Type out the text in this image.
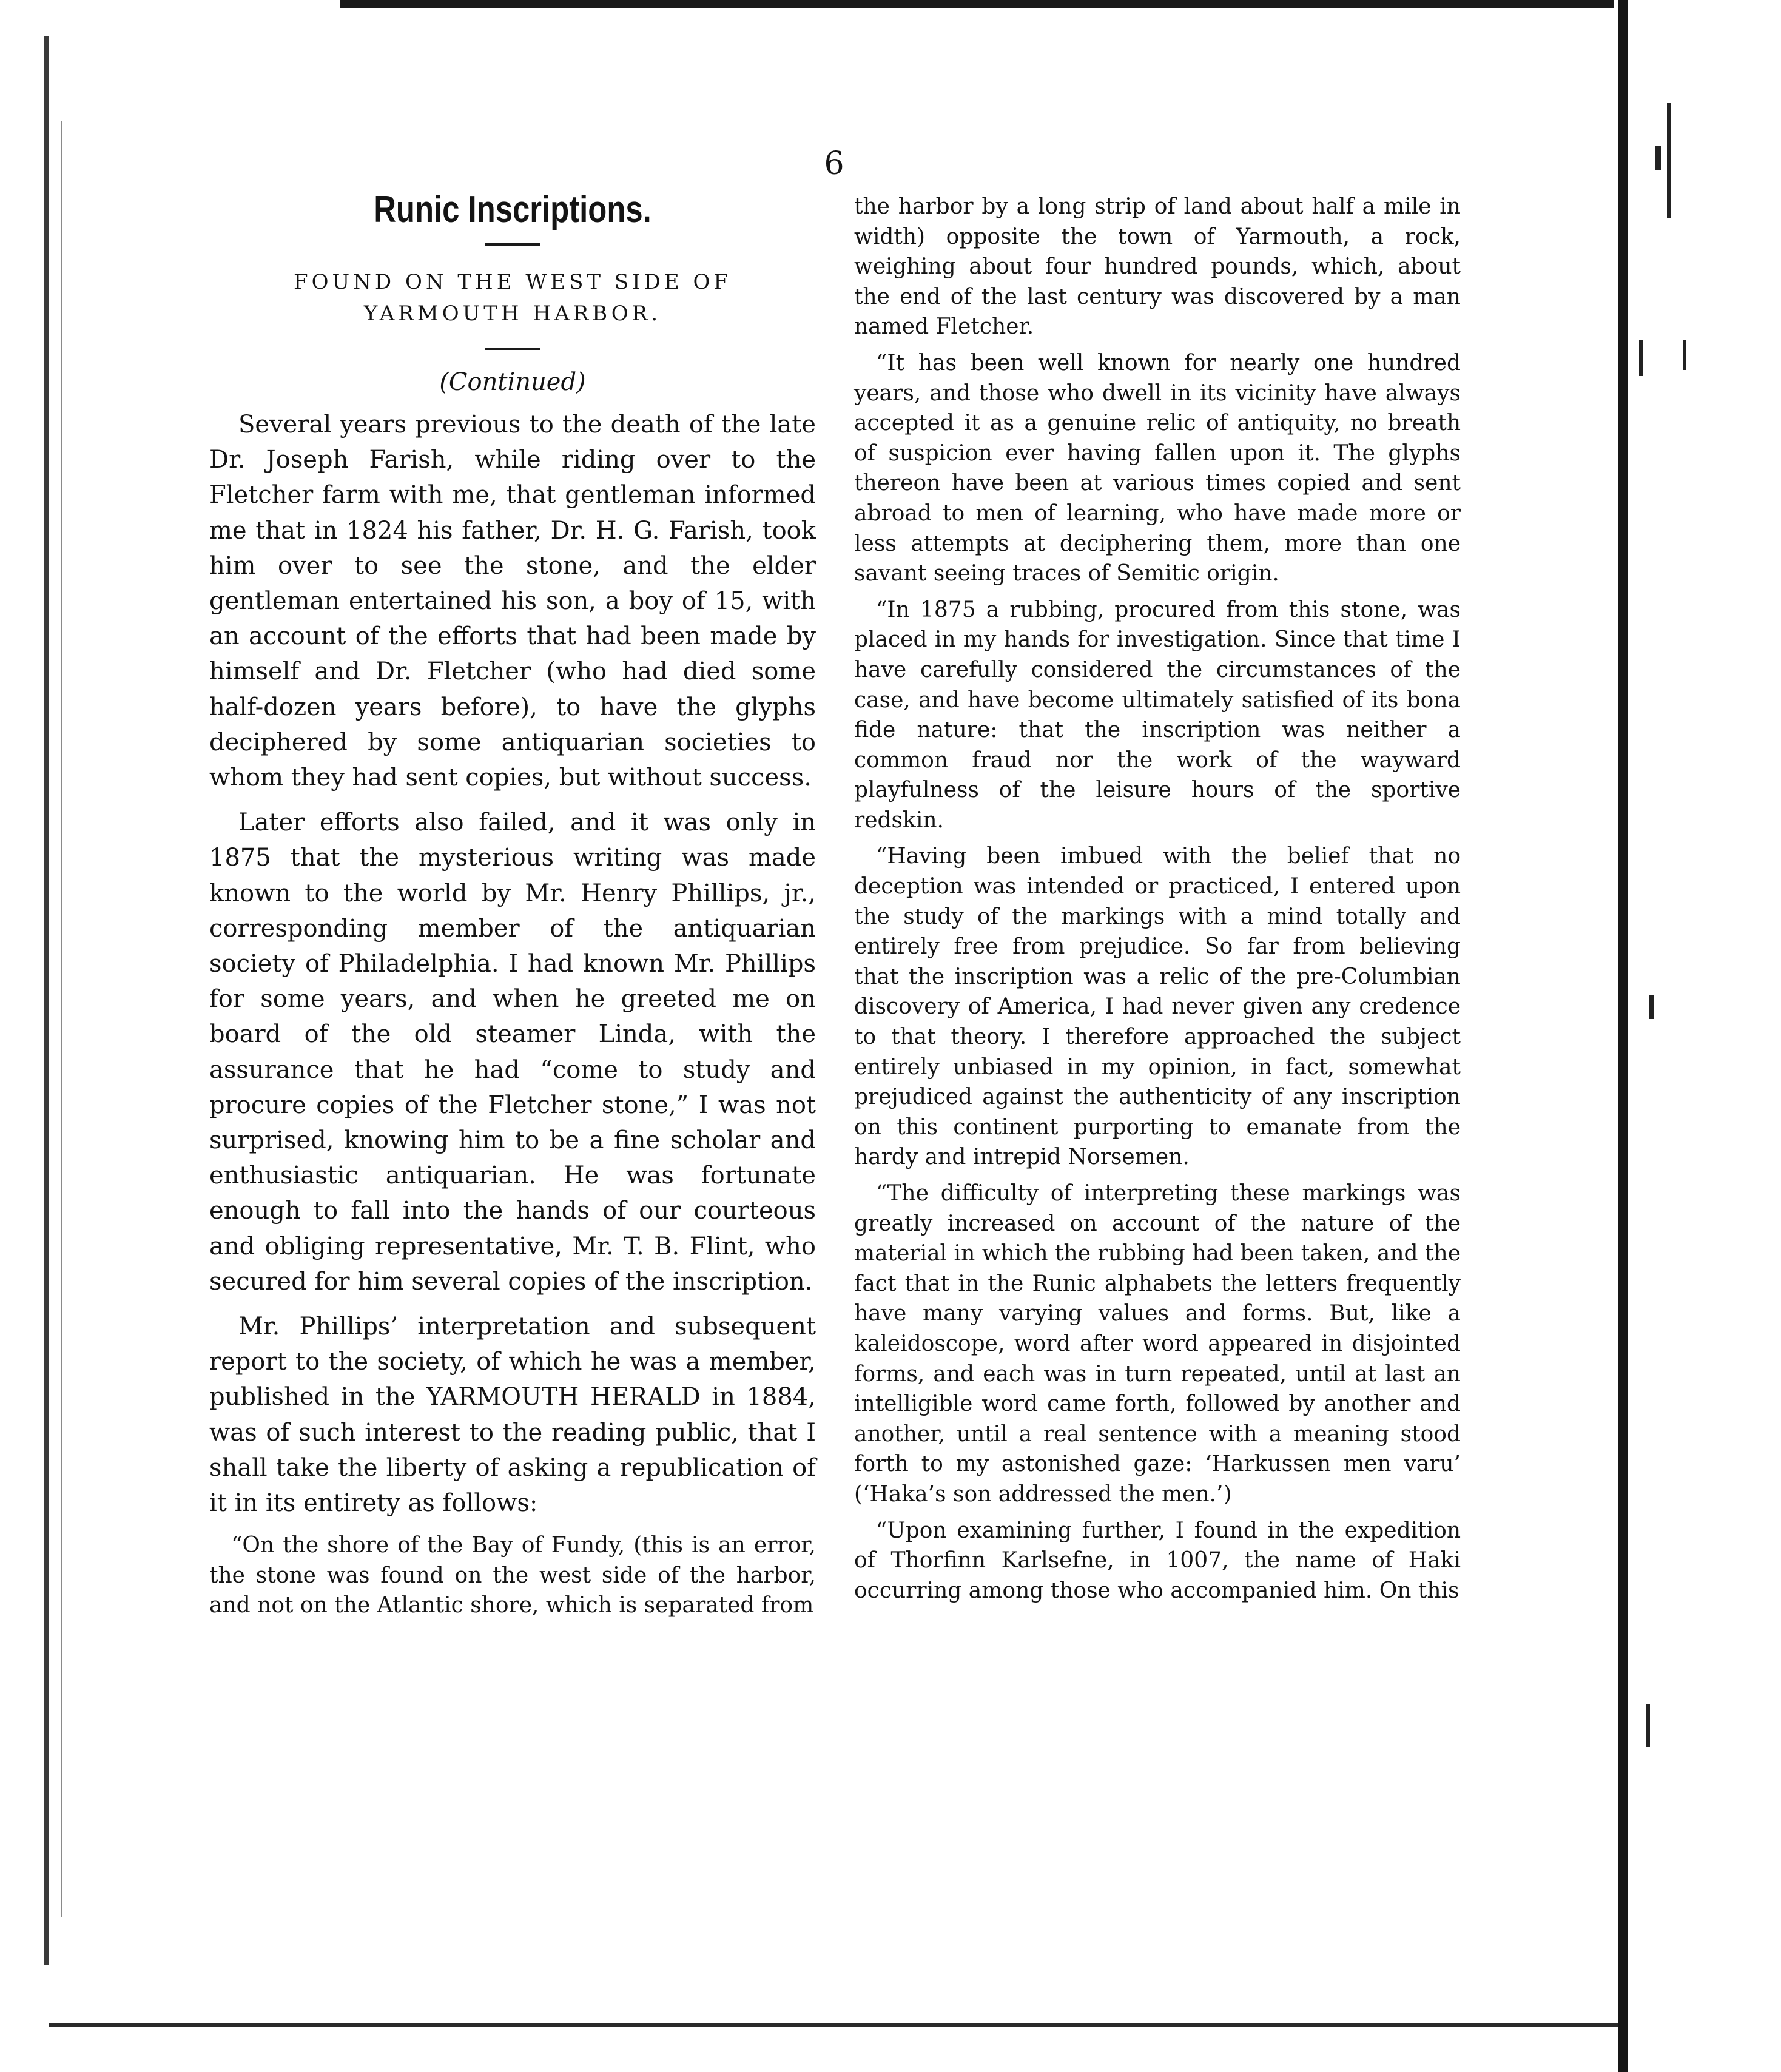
6
Runic Inscriptions.
FOUND ON THE WEST SIDE OF YARMOUTH HARBOR.
(Continued)

Several years previous to the death of the late Dr. Joseph Farish, while riding over to the Fletcher farm with me, that gentleman informed me that in 1824 his father, Dr. H. G. Farish, took him over to see the stone, and the elder gentleman entertained his son, a boy of 15, with an account of the efforts that had been made by himself and Dr. Fletcher (who had died some half-dozen years before), to have the glyphs deciphered by some antiquarian societies to whom they had sent copies, but without success.

Later efforts also failed, and it was only in 1875 that the mysterious writing was made known to the world by Mr. Henry Phillips, jr., corresponding member of the antiquarian society of Philadelphia. I had known Mr. Phillips for some years, and when he greeted me on board of the old steamer Linda, with the assurance that he had “come to study and procure copies of the Fletcher stone,” I was not surprised, knowing him to be a fine scholar and enthusiastic antiquarian. He was fortunate enough to fall into the hands of our courteous and obliging representative, Mr. T. B. Flint, who secured for him several copies of the inscription.

Mr. Phillips’ interpretation and subsequent report to the society, of which he was a member, published in the YARMOUTH HERALD in 1884, was of such interest to the reading public, that I shall take the liberty of asking a republication of it in its entirety as follows:

“On the shore of the Bay of Fundy, (this is an error, the stone was found on the west side of the harbor, and not on the Atlantic shore, which is separated from

the harbor by a long strip of land about half a mile in width) opposite the town of Yarmouth, a rock, weighing about four hundred pounds, which, about the end of the last century was discovered by a man named Fletcher.

“It has been well known for nearly one hundred years, and those who dwell in its vicinity have always accepted it as a genuine relic of antiquity, no breath of suspicion ever having fallen upon it. The glyphs thereon have been at various times copied and sent abroad to men of learning, who have made more or less attempts at deciphering them, more than one savant seeing traces of Semitic origin.

“In 1875 a rubbing, procured from this stone, was placed in my hands for investigation. Since that time I have carefully considered the circumstances of the case, and have become ultimately satisfied of its bona fide nature: that the inscription was neither a common fraud nor the work of the wayward playfulness of the leisure hours of the sportive redskin.

“Having been imbued with the belief that no deception was intended or practiced, I entered upon the study of the markings with a mind totally and entirely free from prejudice. So far from believing that the inscription was a relic of the pre-Columbian discovery of America, I had never given any credence to that theory. I therefore approached the subject entirely unbiased in my opinion, in fact, somewhat prejudiced against the authenticity of any inscription on this continent purporting to emanate from the hardy and intrepid Norsemen.

“The difficulty of interpreting these markings was greatly increased on account of the nature of the material in which the rubbing had been taken, and the fact that in the Runic alphabets the letters frequently have many varying values and forms. But, like a kaleidoscope, word after word appeared in disjointed forms, and each was in turn repeated, until at last an intelligible word came forth, followed by another and another, until a real sentence with a meaning stood forth to my astonished gaze: ‘Harkussen men varu’ (‘Haka’s son addressed the men.’)

“Upon examining further, I found in the expedition of Thorfinn Karlsefne, in 1007, the name of Haki occurring among those who accompanied him. On this
